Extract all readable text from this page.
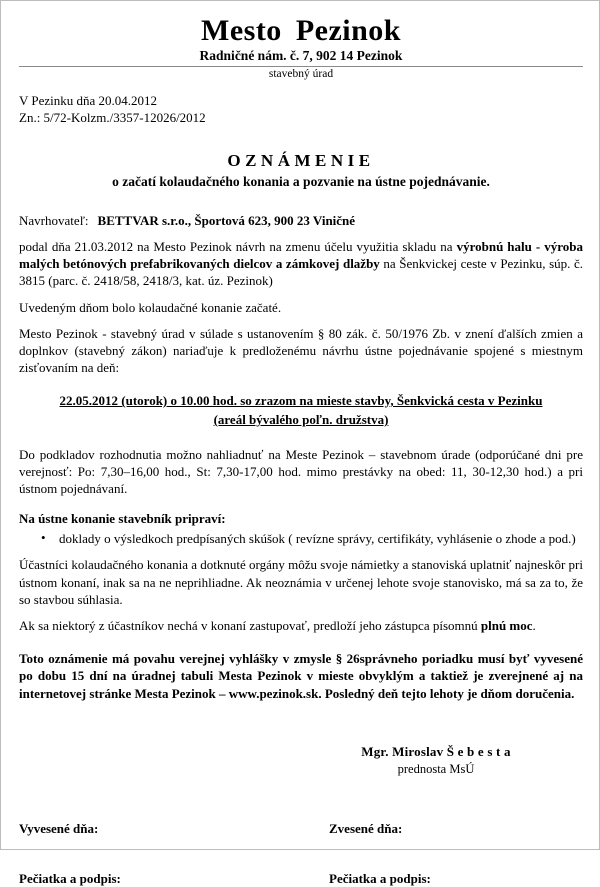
Mesto Pezinok
Radničné nám. č. 7, 902 14 Pezinok
stavebný úrad
V Pezinku dňa 20.04.2012
Zn.: 5/72-Kolzm./3357-12026/2012
OZNÁMENIE
o začatí kolaudačného konania a pozvanie na ústne pojednávanie.

Navrhovateľ: BETTVAR s.r.o., Športová 623, 900 23 Viničné

podal dňa 21.03.2012 na Mesto Pezinok návrh na zmenu účelu využitia skladu na výrobnú halu - výroba malých betónových prefabrikovaných dielcov a zámkovej dlažby na Šenkvickej ceste v Pezinku, súp. č. 3815 (parc. č. 2418/58, 2418/3, kat. úz. Pezinok)

Uvedeným dňom bolo kolaudačné konanie začaté.

Mesto Pezinok - stavebný úrad v súlade s ustanovením § 80 zák. č. 50/1976 Zb. v znení ďalších zmien a doplnkov (stavebný zákon) nariaďuje k predloženému návrhu ústne pojednávanie spojené s miestnym zisťovaním na deň:

22.05.2012 (utorok) o 10.00 hod. so zrazom na mieste stavby, Šenkvická cesta v Pezinku
(areál bývalého poľn. družstva)

Do podkladov rozhodnutia možno nahliadnuť na Meste Pezinok – stavebnom úrade (odporúčané dni pre verejnosť: Po: 7,30–16,00 hod., St: 7,30-17,00 hod. mimo prestávky na obed: 11, 30-12,30 hod.) a pri ústnom pojednávaní.

Na ústne konanie stavebník pripraví:
• doklady o výsledkoch predpísaných skúšok ( revízne správy, certifikáty, vyhlásenie o zhode a pod.)

Účastníci kolaudačného konania a dotknuté orgány môžu svoje námietky a stanoviská uplatniť najneskôr pri ústnom konaní, inak sa na ne neprihliadne. Ak neoznámia v určenej lehote svoje stanovisko, má sa za to, že so stavbou súhlasia.

Ak sa niektorý z účastníkov nechá v konaní zastupovať, predloží jeho zástupca písomnú plnú moc.

Toto oznámenie má povahu verejnej vyhlášky v zmysle § 26správneho poriadku musí byť vyvesené po dobu 15 dní na úradnej tabuli Mesta Pezinok v mieste obvyklým a taktiež je zverejnené aj na internetovej stránke Mesta Pezinok – www.pezinok.sk. Posledný deň tejto lehoty je dňom doručenia.

Mgr. Miroslav Š e b e s t a
prednosta MsÚ
Vyvesené dňa:	Zvesené dňa:
Pečiatka a podpis:	Pečiatka a podpis:
